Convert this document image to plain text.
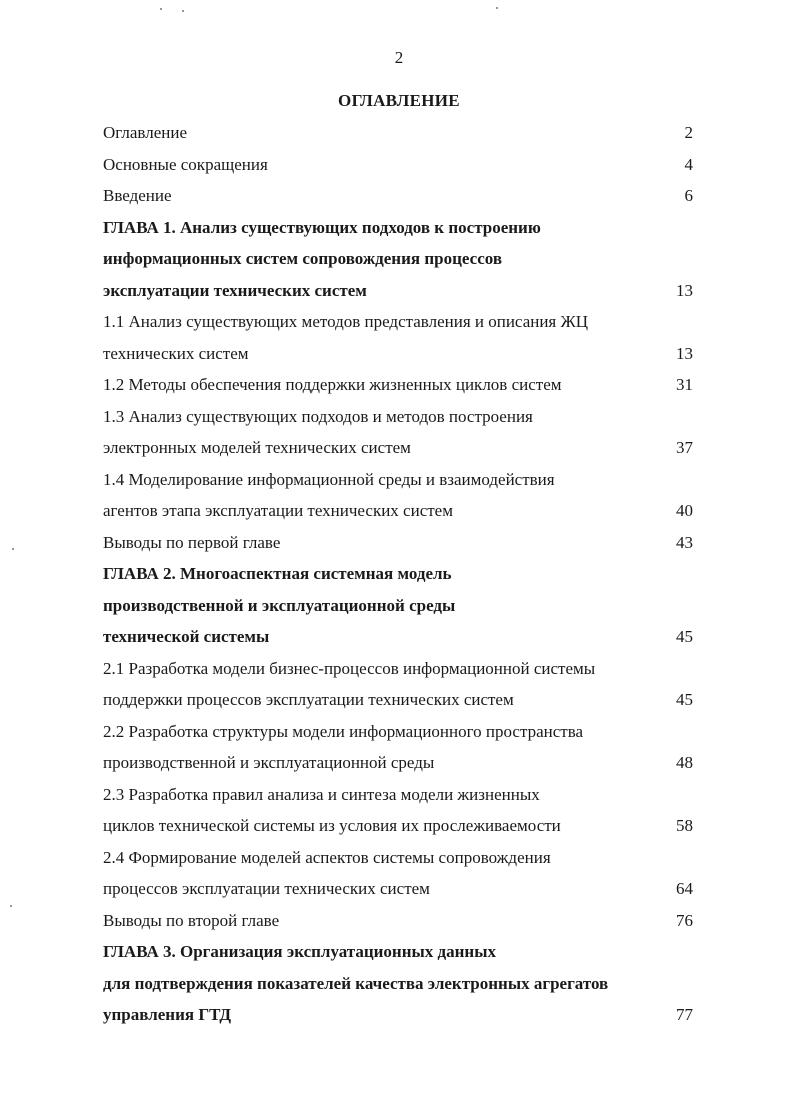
2
ОГЛАВЛЕНИЕ
Оглавление	2
Основные сокращения	4
Введение	6
ГЛАВА 1. Анализ существующих подходов к построению
информационных систем сопровождения процессов
эксплуатации технических систем	13
1.1 Анализ существующих методов представления и описания ЖЦ
технических систем	13
1.2 Методы обеспечения поддержки жизненных циклов систем	31
1.3 Анализ существующих подходов и методов построения
электронных моделей технических систем	37
1.4 Моделирование информационной среды и взаимодействия
агентов этапа эксплуатации технических систем	40
Выводы по первой главе	43
ГЛАВА 2. Многоаспектная системная модель
производственной и эксплуатационной среды
технической системы	45
2.1 Разработка модели бизнес-процессов информационной системы
поддержки процессов эксплуатации технических систем	45
2.2 Разработка структуры модели информационного пространства
производственной и эксплуатационной среды	48
2.3 Разработка правил анализа и синтеза модели жизненных
циклов технической системы из условия их прослеживаемости	58
2.4 Формирование моделей аспектов системы сопровождения
процессов эксплуатации технических систем	64
Выводы по второй главе	76
ГЛАВА 3. Организация эксплуатационных данных
для подтверждения показателей качества электронных агрегатов
управления ГТД	77
